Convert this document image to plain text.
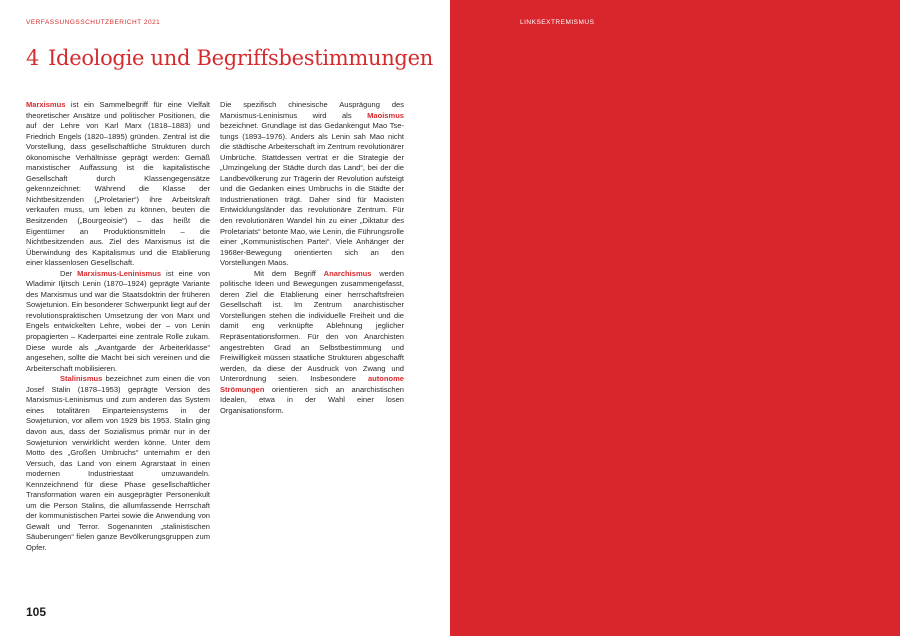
VERFASSUNGSSCHUTZBERICHT 2021	LINKSEXTREMISMUS
4 Ideologie und Begriffsbestimmungen

Marxismus ist ein Sammelbegriff für eine Vielfalt theoretischer Ansätze und politischer Positionen, die auf der Lehre von Karl Marx (1818–1883) und Friedrich Engels (1820–1895) gründen. Zentral ist die Vorstellung, dass gesellschaftliche Strukturen durch ökonomische Verhältnisse geprägt werden: Gemäß marxistischer Auffassung ist die kapitalistische Gesellschaft durch Klassengegensätze gekennzeichnet: Während die Klasse der Nichtbesitzenden („Proletarier“) ihre Arbeitskraft verkaufen muss, um leben zu können, beuten die Besitzenden („Bourgeoisie“) – das heißt die Eigentümer an Produktionsmitteln – die Nichtbesitzenden aus. Ziel des Marxismus ist die Überwindung des Kapitalismus und die Etablierung einer klassenlosen Gesellschaft.

Der Marxismus-Leninismus ist eine von Wladimir Iljitsch Lenin (1870–1924) geprägte Variante des Marxismus und war die Staatsdoktrin der früheren Sowjetunion. Ein besonderer Schwerpunkt liegt auf der revolutionspraktischen Umsetzung der von Marx und Engels entwickelten Lehre, wobei der – von Lenin propagierten – Kaderpartei eine zentrale Rolle zukam. Diese wurde als „Avantgarde der Arbeiterklasse“ angesehen, sollte die Macht bei sich vereinen und die Arbeiterschaft mobilisieren.

Stalinismus bezeichnet zum einen die von Josef Stalin (1878–1953) geprägte Version des Marxismus-Leninismus und zum anderen das System eines totalitären Einparteiensystems in der Sowjetunion, vor allem von 1929 bis 1953. Stalin ging davon aus, dass der Sozialismus primär nur in der Sowjetunion verwirklicht werden könne. Unter dem Motto des „Großen Umbruchs“ unternahm er den Versuch, das Land von einem Agrarstaat in einen modernen Industriestaat umzuwandeln. Kennzeichnend für diese Phase gesellschaftlicher Transformation waren ein ausgeprägter Personenkult um die Person Stalins, die allumfassende Herrschaft der kommunistischen Partei sowie die Anwendung von Gewalt und Terror. Sogenannten „stalinistischen Säuberungen“ fielen ganze Bevölkerungsgruppen zum Opfer.

Die spezifisch chinesische Ausprägung des Marxismus-Leninismus wird als Maoismus bezeichnet. Grundlage ist das Gedankengut Mao Tse-tungs (1893–1976). Anders als Lenin sah Mao nicht die städtische Arbeiterschaft im Zentrum revolutionärer Umbrüche. Stattdessen vertrat er die Strategie der „Umzingelung der Städte durch das Land“, bei der die Landbevölkerung zur Trägerin der Revolution aufsteigt und die Gedanken eines Umbruchs in die Städte der Industrienationen trägt. Daher sind für Maoisten Entwicklungsländer das revolutionäre Zentrum. Für den revolutionären Wandel hin zu einer „Diktatur des Proletariats“ betonte Mao, wie Lenin, die Führungsrolle einer „Kommunistischen Partei“. Viele Anhänger der 1968er-Bewegung orientierten sich an den Vorstellungen Maos.

Mit dem Begriff Anarchismus werden politische Ideen und Bewegungen zusammengefasst, deren Ziel die Etablierung einer herrschaftsfreien Gesellschaft ist. Im Zentrum anarchistischer Vorstellungen stehen die individuelle Freiheit und die damit eng verknüpfte Ablehnung jeglicher Repräsentationsformen. Für den von Anarchisten angestrebten Grad an Selbstbestimmung und Freiwilligkeit müssen staatliche Strukturen abgeschafft werden, da diese der Ausdruck von Zwang und Unterordnung seien. Insbesondere autonome Strömungen orientieren sich an anarchistischen Idealen, etwa in der Wahl einer losen Organisationsform.

105
